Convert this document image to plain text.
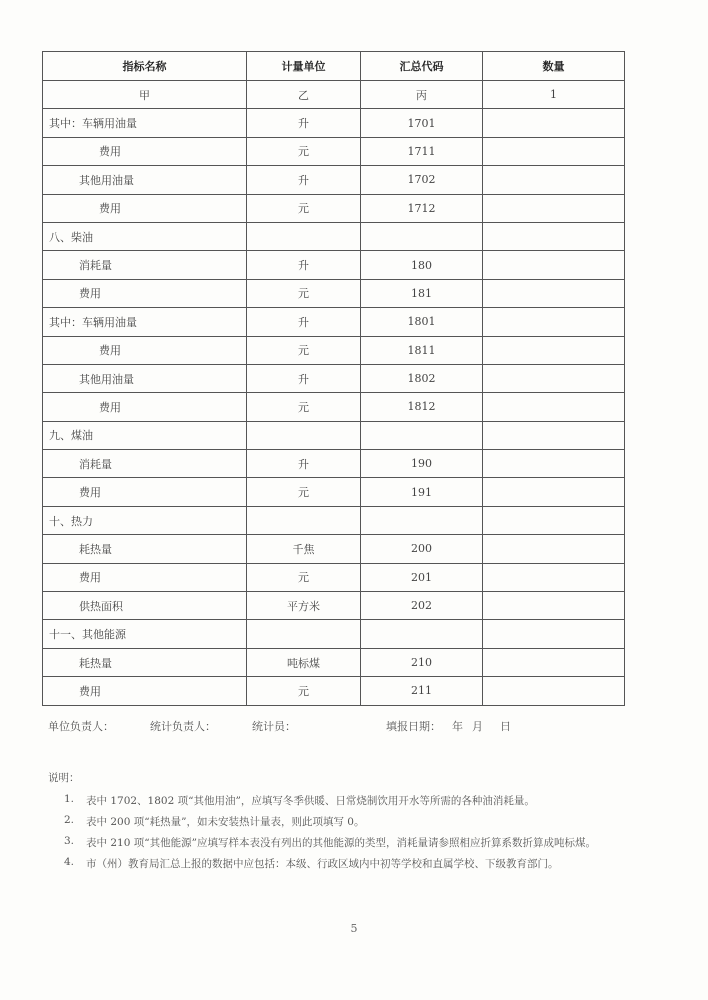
指标名称	计量单位	汇总代码	数量
甲	乙	丙	1
其中：车辆用油量	升	1701	
费用	元	1711	
其他用油量	升	1702	
费用	元	1712	
八、柴油			
消耗量	升	180	
费用	元	181	
其中：车辆用油量	升	1801	
费用	元	1811	
其他用油量	升	1802	
费用	元	1812	
九、煤油			
消耗量	升	190	
费用	元	191	
十、热力			
耗热量	千焦	200	
费用	元	201	
供热面积	平方米	202	
十一、其他能源			
耗热量	吨标煤	210	
费用	元	211	
单位负责人：	统计负责人：	统计员：	填报日期： 年 月 日
说明：
1. 表中 1702、1802 项“其他用油”，应填写冬季供暖、日常烧制饮用开水等所需的各种油消耗量。
2. 表中 200 项“耗热量”，如未安装热计量表，则此项填写 0。
3. 表中 210 项“其他能源”应填写样本表没有列出的其他能源的类型，消耗量请参照相应折算系数折算成吨标煤。
4. 市（州）教育局汇总上报的数据中应包括：本级、行政区域内中初等学校和直属学校、下级教育部门。
5
